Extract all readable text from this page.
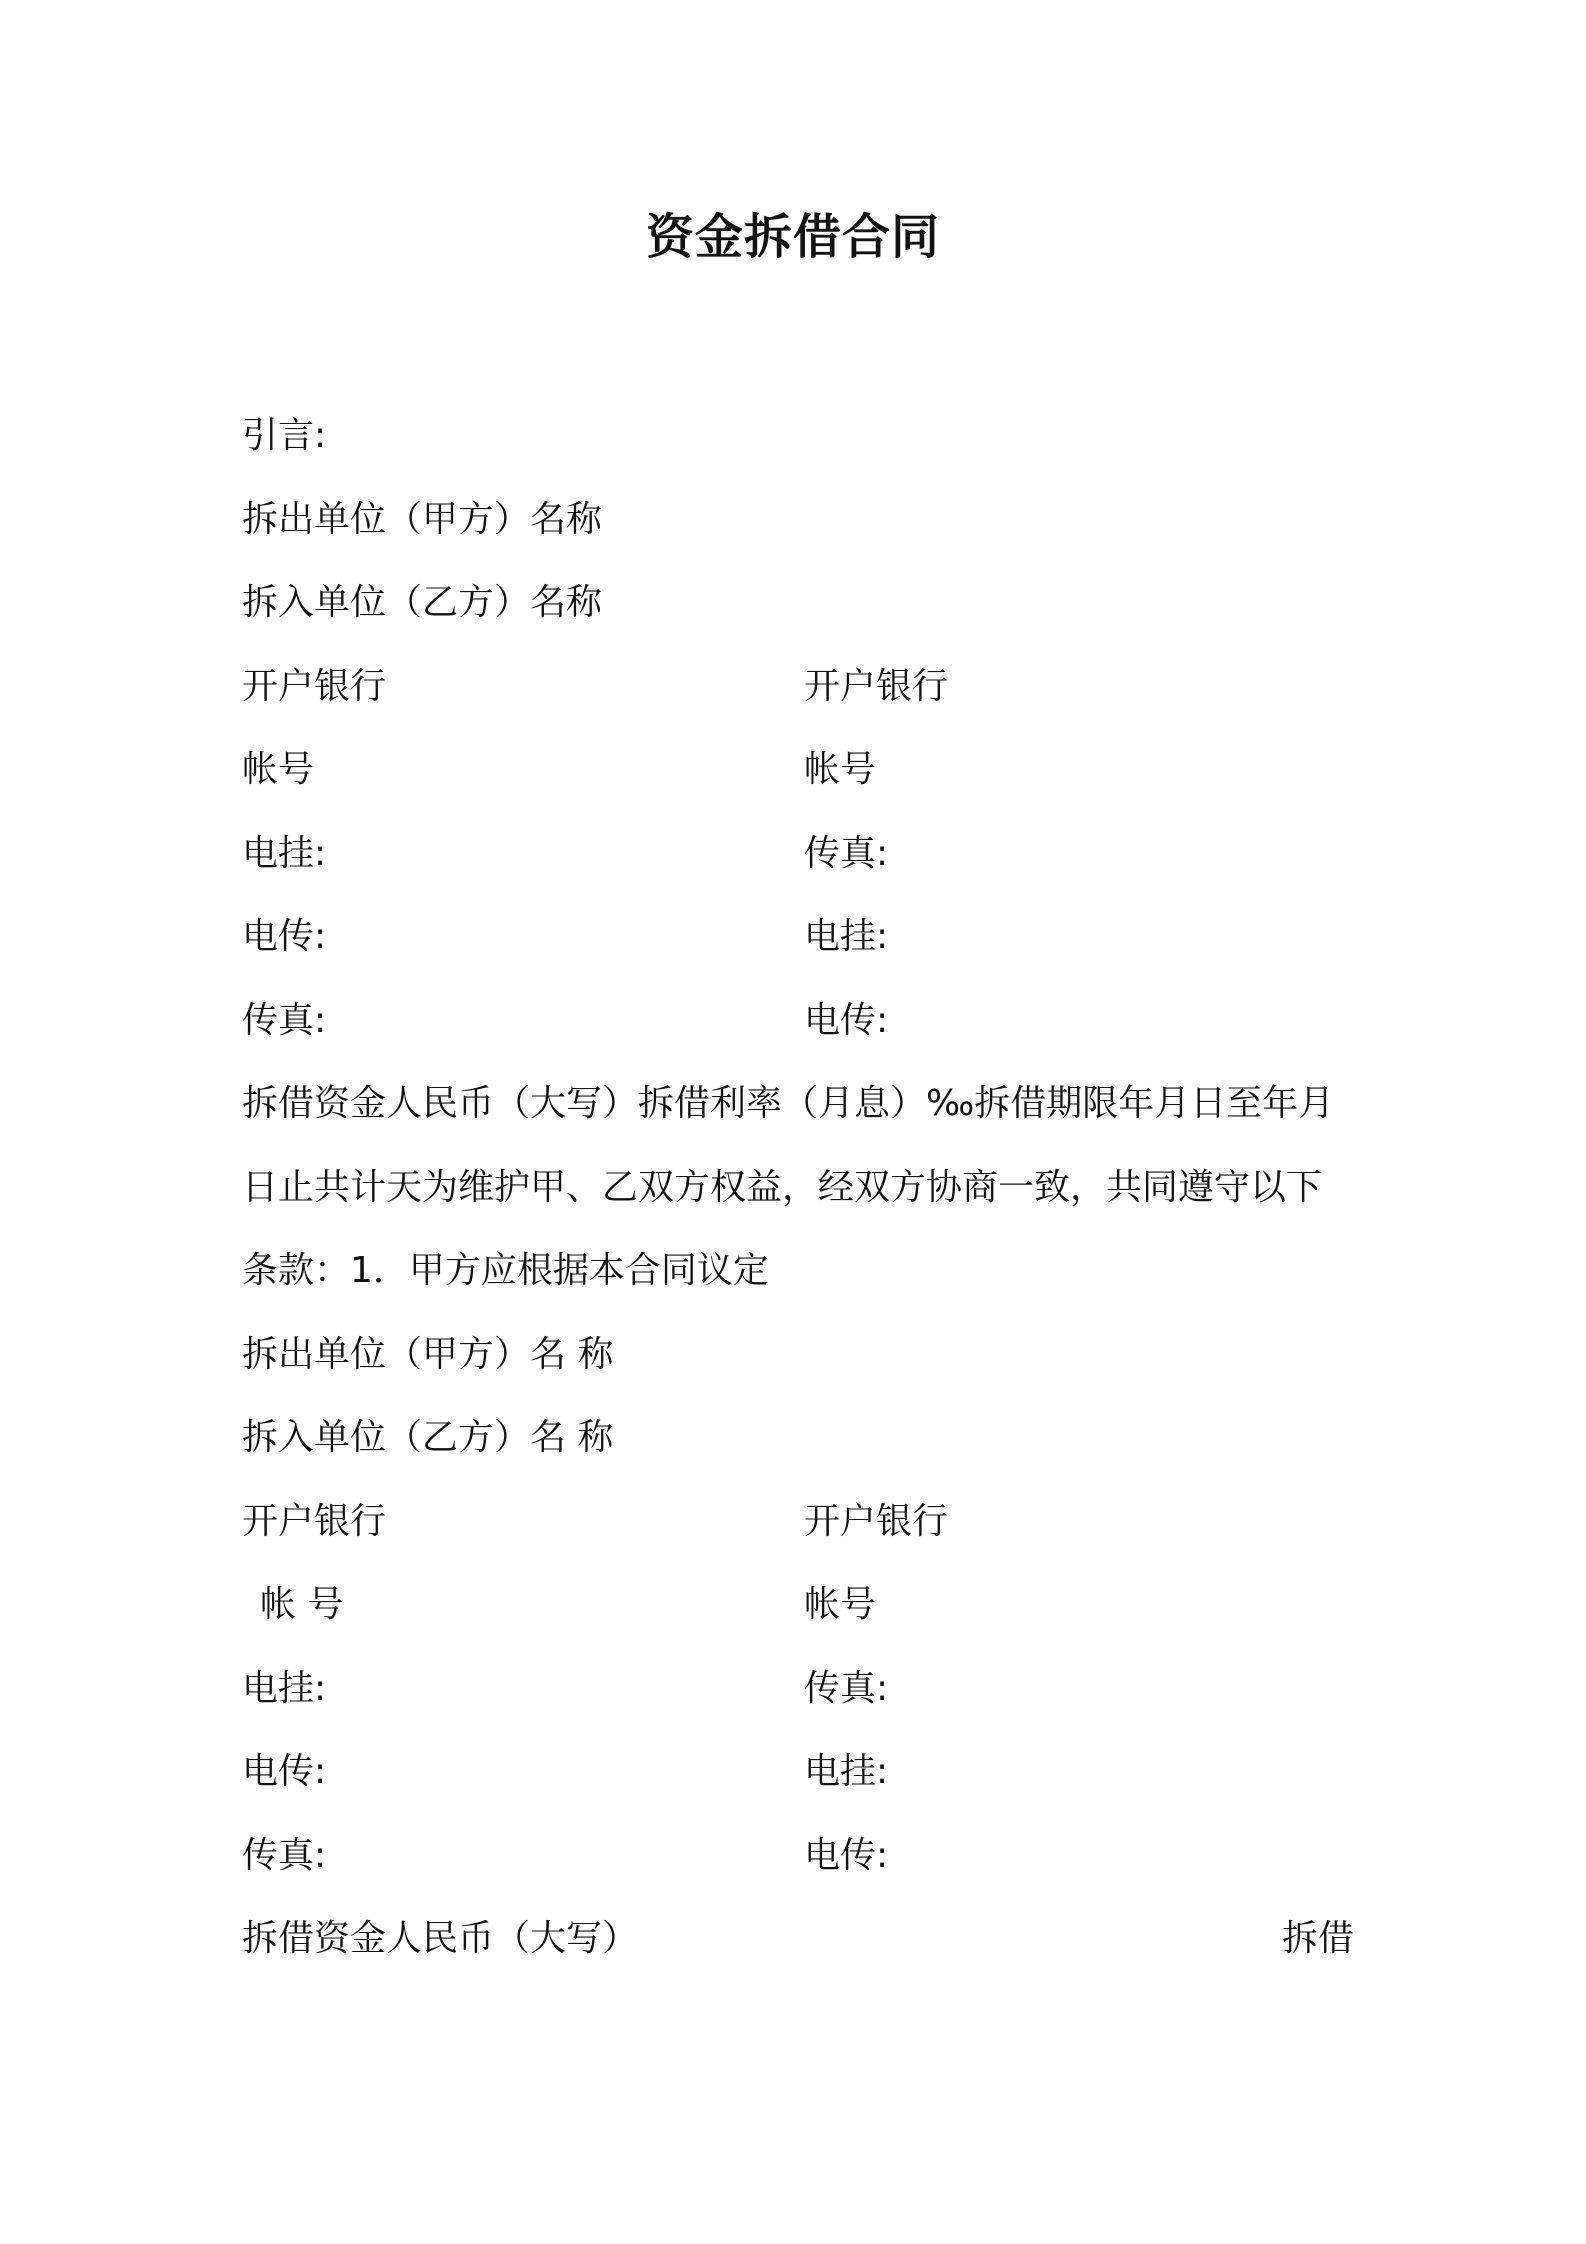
资金拆借合同
引言:
拆出单位（甲方）名称
拆入单位（乙方）名称
开户银行	开户银行
帐号	帐号
电挂:	传真:
电传:	电挂:
传真:	电传:
拆借资金人民币（大写）拆借利率（月息）‰拆借期限年月日至年月
日止共计天为维护甲、乙双方权益，经双方协商一致，共同遵守以下
条款：1．甲方应根据本合同议定
拆出单位（甲方）名 称
拆入单位（乙方）名 称
开户银行	开户银行
帐 号	帐号
电挂:	传真:
电传:	电挂:
传真:	电传:
拆借资金人民币（大写）	拆借
